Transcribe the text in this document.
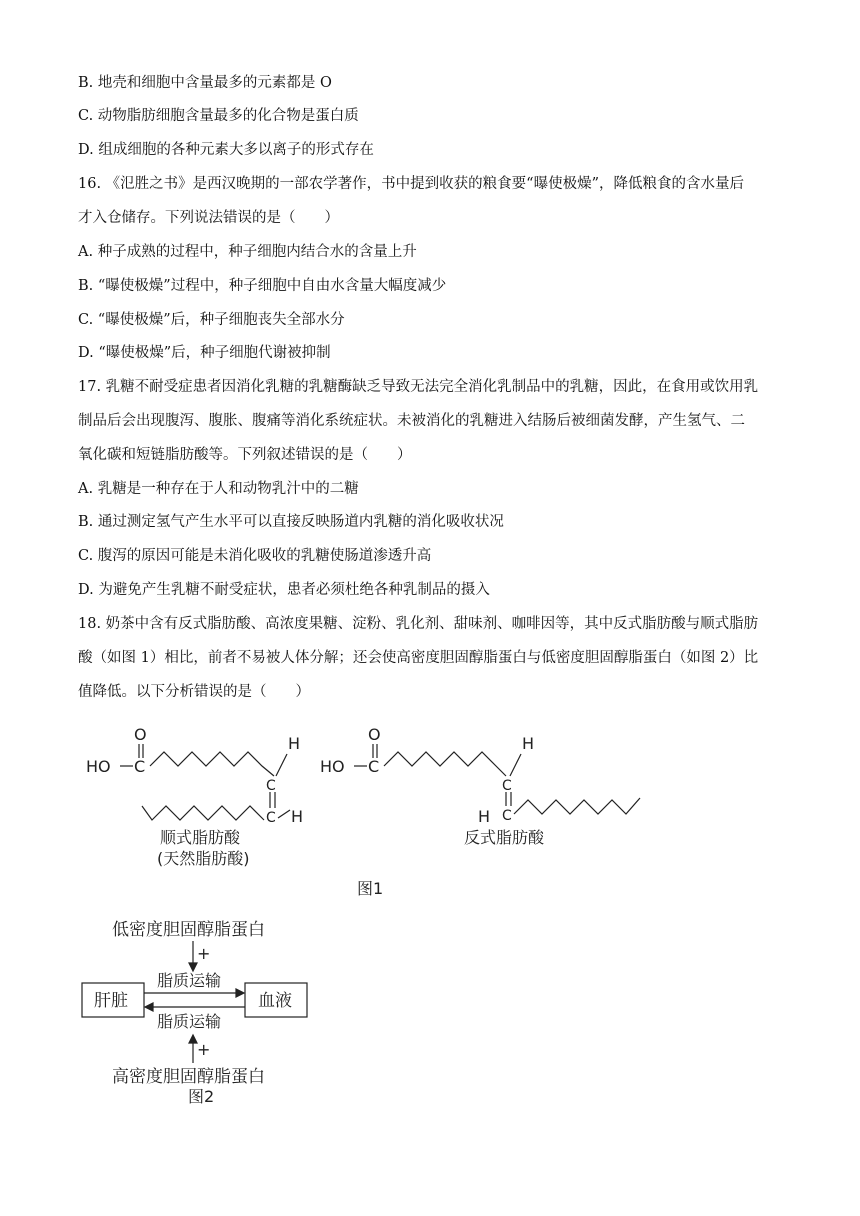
B. 地壳和细胞中含量最多的元素都是 O
C. 动物脂肪细胞含量最多的化合物是蛋白质
D. 组成细胞的各种元素大多以离子的形式存在
16. 《氾胜之书》是西汉晚期的一部农学著作，书中提到收获的粮食要“曝使极燥”，降低粮食的含水量后
才入仓储存。下列说法错误的是（　　）
A. 种子成熟的过程中，种子细胞内结合水的含量上升
B. “曝使极燥”过程中，种子细胞中自由水含量大幅度减少
C. “曝使极燥”后，种子细胞丧失全部水分
D. “曝使极燥”后，种子细胞代谢被抑制
17. 乳糖不耐受症患者因消化乳糖的乳糖酶缺乏导致无法完全消化乳制品中的乳糖，因此，在食用或饮用乳
制品后会出现腹泻、腹胀、腹痛等消化系统症状。未被消化的乳糖进入结肠后被细菌发酵，产生氢气、二
氧化碳和短链脂肪酸等。下列叙述错误的是（　　）
A. 乳糖是一种存在于人和动物乳汁中的二糖
B. 通过测定氢气产生水平可以直接反映肠道内乳糖的消化吸收状况
C. 腹泻的原因可能是未消化吸收的乳糖使肠道渗透升高
D. 为避免产生乳糖不耐受症状，患者必须杜绝各种乳制品的摄入
18. 奶茶中含有反式脂肪酸、高浓度果糖、淀粉、乳化剂、甜味剂、咖啡因等，其中反式脂肪酸与顺式脂肪
酸（如图 1）相比，前者不易被人体分解；还会使高密度胆固醇脂蛋白与低密度胆固醇脂蛋白（如图 2）比
值降低。以下分析错误的是（　　）
HO C
O	H
C
C H
顺式脂肪酸
(天然脂肪酸)
HO C
O	H
C
C
H
反式脂肪酸
图1
低密度胆固醇脂蛋白
+
肝脏	血液
脂质运输
脂质运输
+
高密度胆固醇脂蛋白
图2
